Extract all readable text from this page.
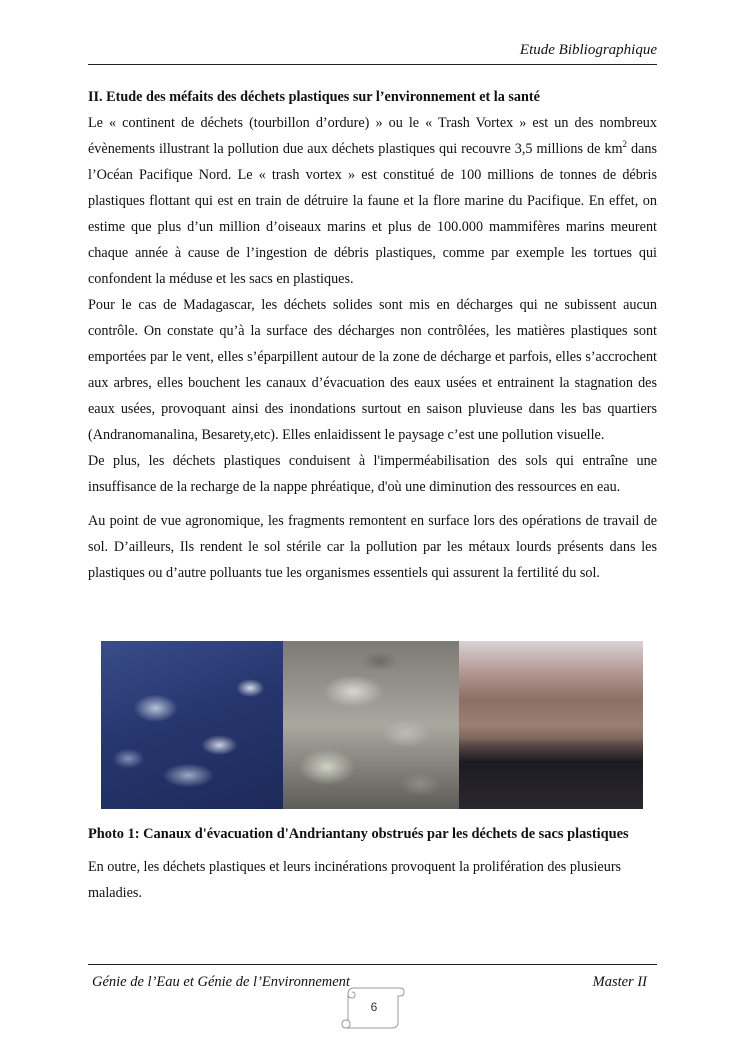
Etude Bibliographique

II. Etude des méfaits des déchets plastiques sur l’environnement et la santé

Le « continent de déchets (tourbillon d’ordure) » ou le « Trash Vortex » est un des nombreux évènements illustrant la pollution due aux déchets plastiques qui recouvre 3,5 millions de $km^2$ dans l’Océan Pacifique Nord. Le « trash vortex » est constitué de 100 millions de tonnes de débris plastiques flottant qui est en train de détruire la faune et la flore marine du Pacifique. En effet, on estime que plus d’un million d’oiseaux marins et plus de 100.000 mammifères marins meurent chaque année à cause de l’ingestion de débris plastiques, comme par exemple les tortues qui confondent la méduse et les sacs en plastiques.

Pour le cas de Madagascar, les déchets solides sont mis en décharges qui ne subissent aucun contrôle. On constate qu’à la surface des décharges non contrôlées, les matières plastiques sont emportées par le vent, elles s’éparpillent autour de la zone de décharge et parfois, elles s’accrochent aux arbres, elles bouchent les canaux d’évacuation des eaux usées et entrainent la stagnation des eaux usées, provoquant ainsi des inondations surtout en saison pluvieuse dans les bas quartiers (Andranomanalina, Besarety,etc). Elles enlaidissent le paysage c’est une pollution visuelle.

De plus, les déchets plastiques conduisent à l'imperméabilisation des sols qui entraîne une insuffisance de la recharge de la nappe phréatique, d'où une diminution des ressources en eau.

Au point de vue agronomique, les fragments remontent en surface lors des opérations de travail de sol. D’ailleurs, Ils rendent le sol stérile car la pollution par les métaux lourds présents dans les plastiques ou d’autre polluants tue les organismes essentiels qui assurent la fertilité du sol.

Photo 1: Canaux d'évacuation d'Andriantany obstrués par les déchets de sacs plastiques

En outre, les déchets plastiques et leurs incinérations provoquent la prolifération des plusieurs maladies.

Génie de l’Eau et Génie de l’Environnement	Master II
6
